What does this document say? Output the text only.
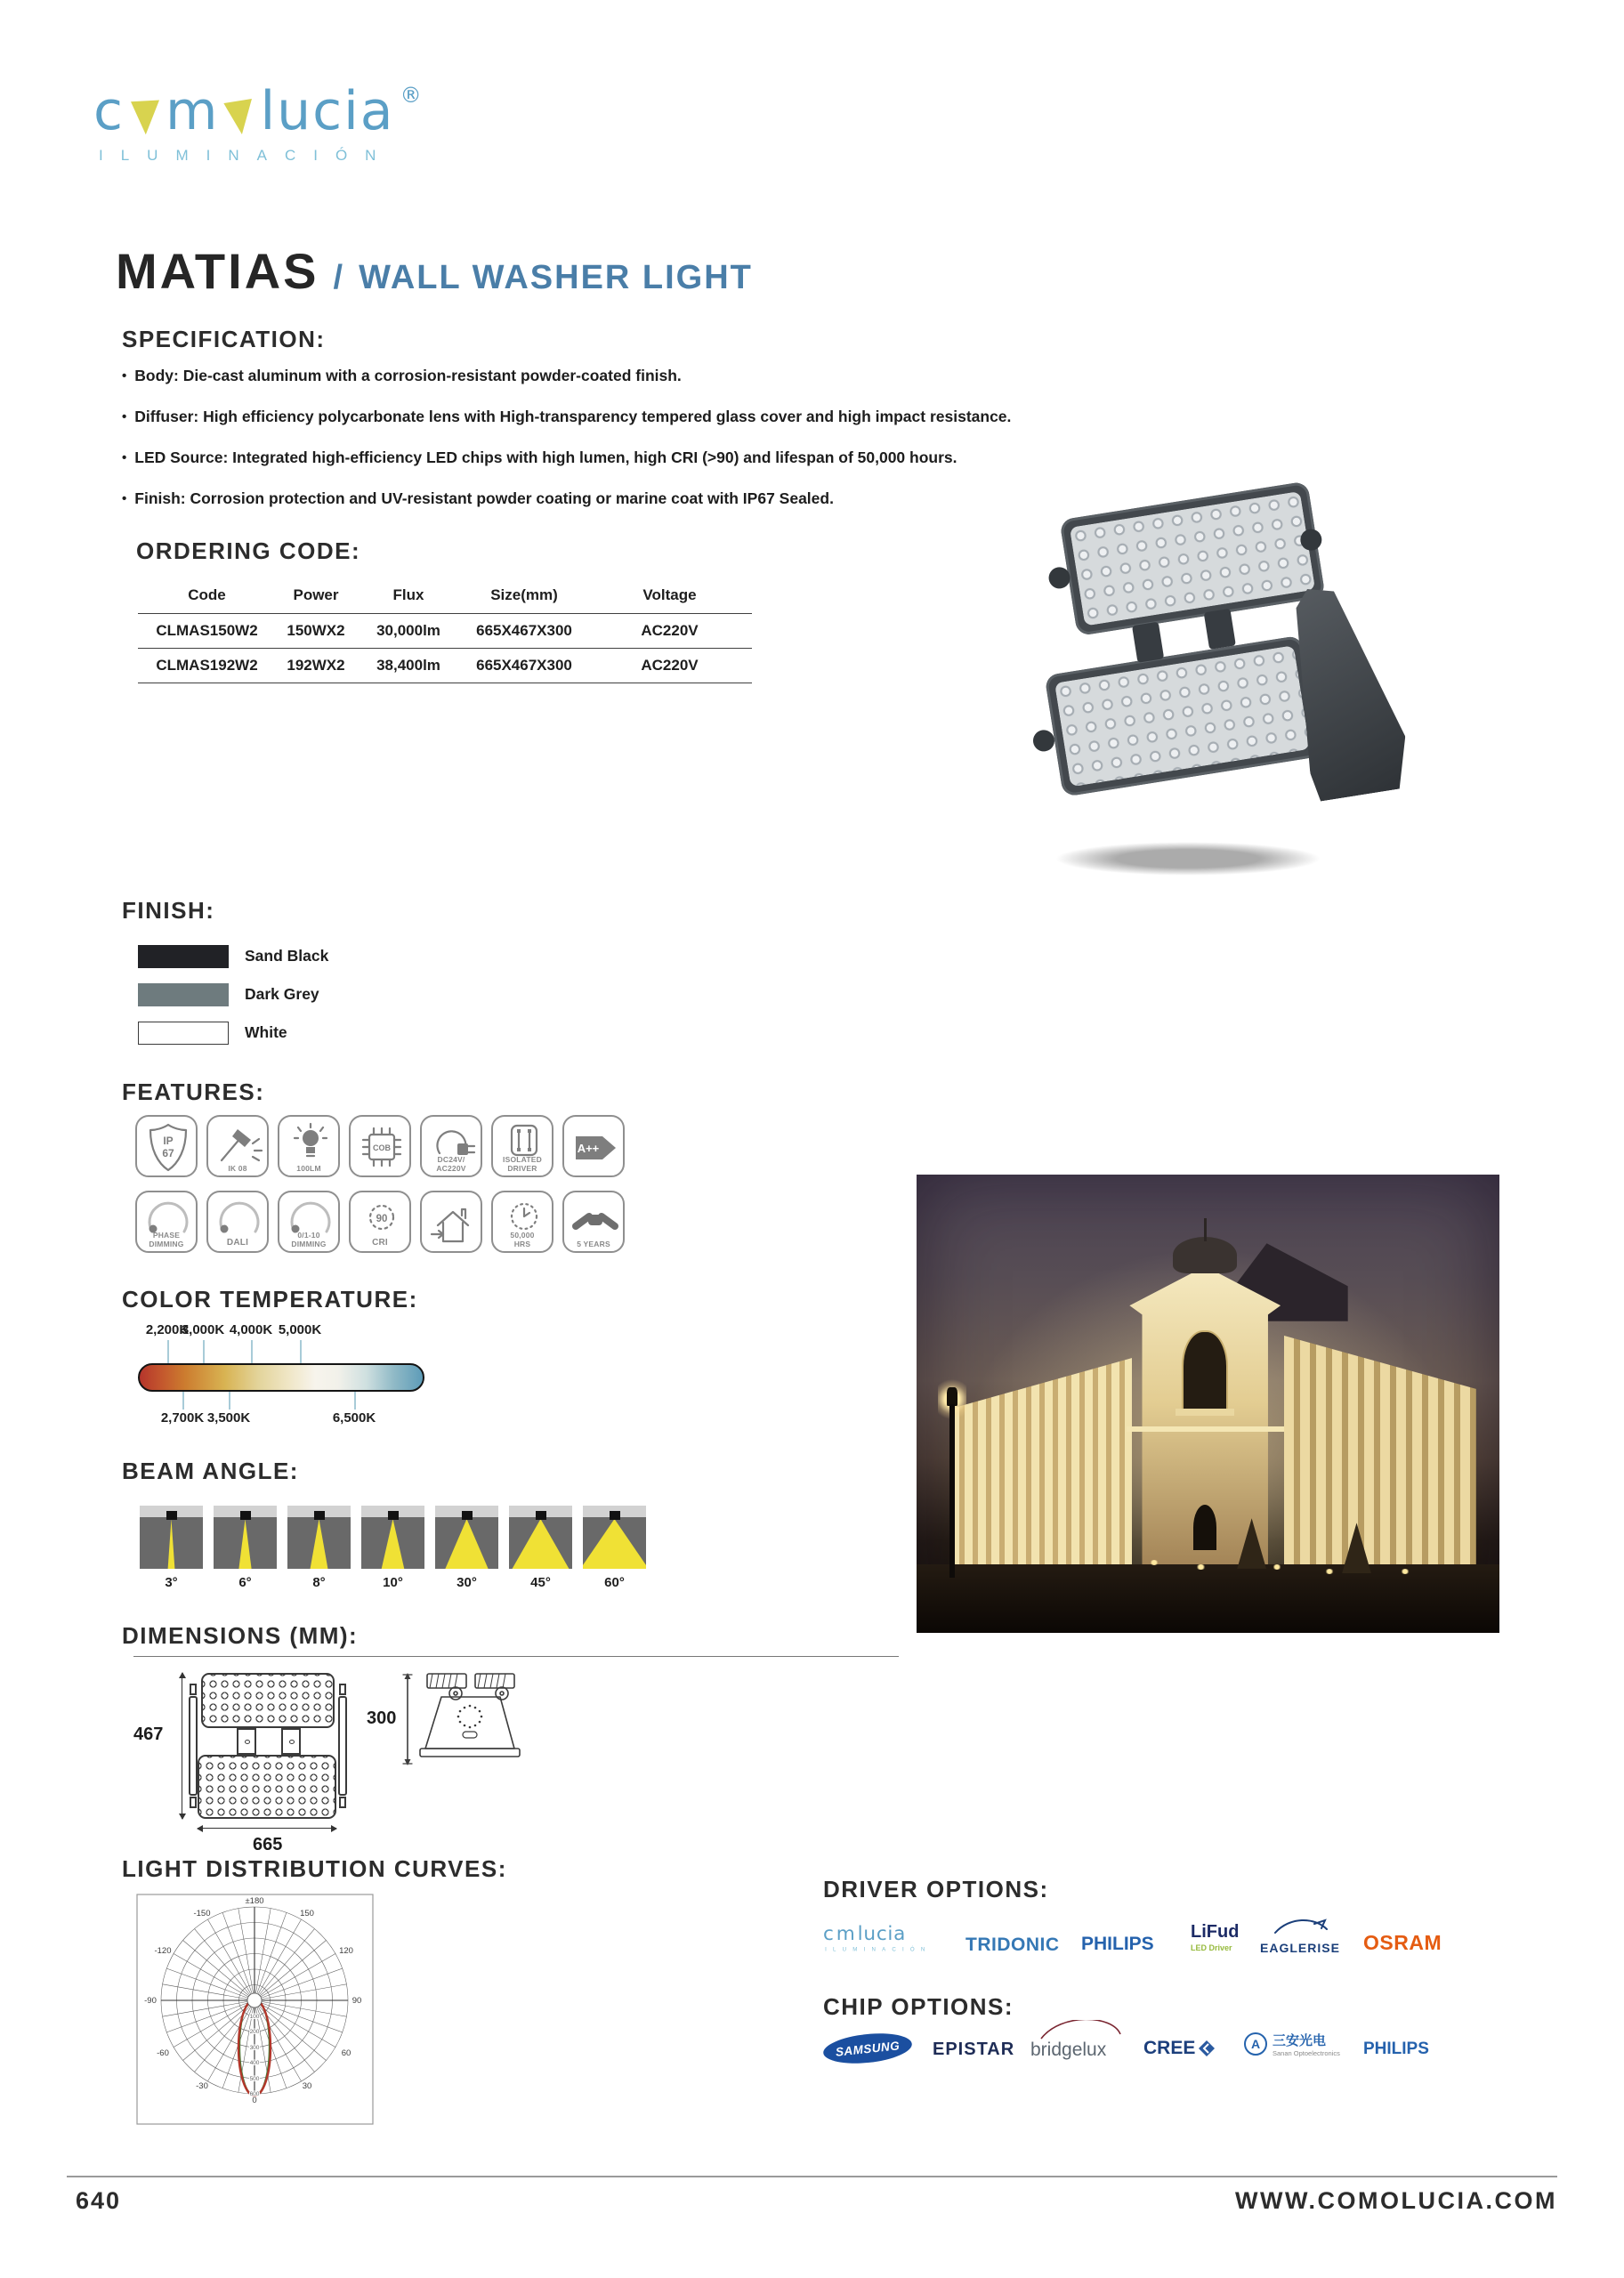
c m lucia ®
ILUMINACIÓN
MATIAS / WALL WASHER LIGHT
SPECIFICATION:
• Body: Die-cast aluminum with a corrosion-resistant powder-coated finish.
• Diffuser: High efficiency polycarbonate lens with High-transparency tempered glass cover and high impact resistance.
• LED Source: Integrated high-efficiency LED chips with high lumen, high CRI (>90) and lifespan of 50,000 hours.
• Finish: Corrosion protection and UV-resistant powder coating or marine coat with IP67 Sealed.
ORDERING CODE:
Code	Power	Flux	Size(mm)	Voltage
CLMAS150W2	150WX2	30,000lm	665X467X300	AC220V
CLMAS192W2	192WX2	38,400lm	665X467X300	AC220V
FINISH:
Sand Black
Dark Grey
White
FEATURES:
IP
67
IK 08	100LM
COB
DC24V/
AC220V
ISOLATED
DRIVER
A++
PHASE
DIMMING	DALI
0/1-10
DIMMING
90
CRI
50,000
HRS	5 YEARS
COLOR TEMPERATURE:
2,200K
3,000K 4,000K 5,000K
2,700K 3,500K	6,500K
BEAM ANGLE:
3°	6°	8°	10°	30°	45°	60°
DIMENSIONS (MM):
467
665
300
LIGHT DISTRIBUTION CURVES:
±180
-150	150
-120	120
-90	90
-60	60
-30	30
0
100
200
300
400
500
600
DRIVER OPTIONS:
c m lucia
ILUMINACIÓN TRIDONIC PHILIPS
LiFud
LED Driver	EAGLERISE OSRAM
CHIP OPTIONS:
SAMSUNG EPISTAR bridgelux	CREE	A 三安光电
Sanan Optoelectronics PHILIPS
640	WWW.COMOLUCIA.COM
